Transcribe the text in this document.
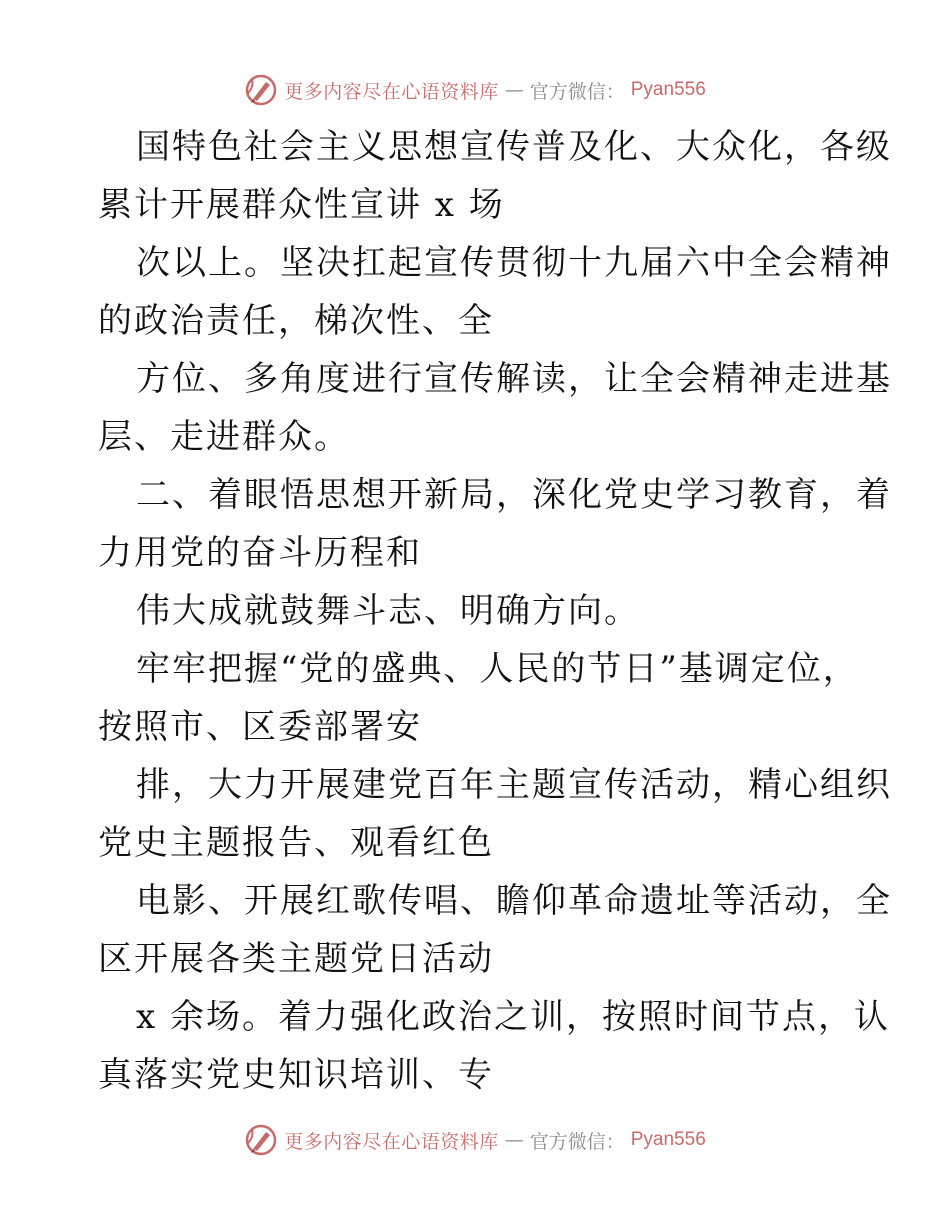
更多内容尽在心语资料库 — 官方微信： Pyan556
国特色社会主义思想宣传普及化、大众化，各级
累计开展群众性宣讲 x 场
次以上。坚决扛起宣传贯彻十九届六中全会精神
的政治责任，梯次性、全
方位、多角度进行宣传解读，让全会精神走进基
层、走进群众。
二、着眼悟思想开新局，深化党史学习教育，着
力用党的奋斗历程和
伟大成就鼓舞斗志、明确方向。
牢牢把握“党的盛典、人民的节日”基调定位，
按照市、区委部署安
排，大力开展建党百年主题宣传活动，精心组织
党史主题报告、观看红色
电影、开展红歌传唱、瞻仰革命遗址等活动，全
区开展各类主题党日活动
x 余场。着力强化政治之训，按照时间节点，认
真落实党史知识培训、专
更多内容尽在心语资料库 — 官方微信： Pyan556
